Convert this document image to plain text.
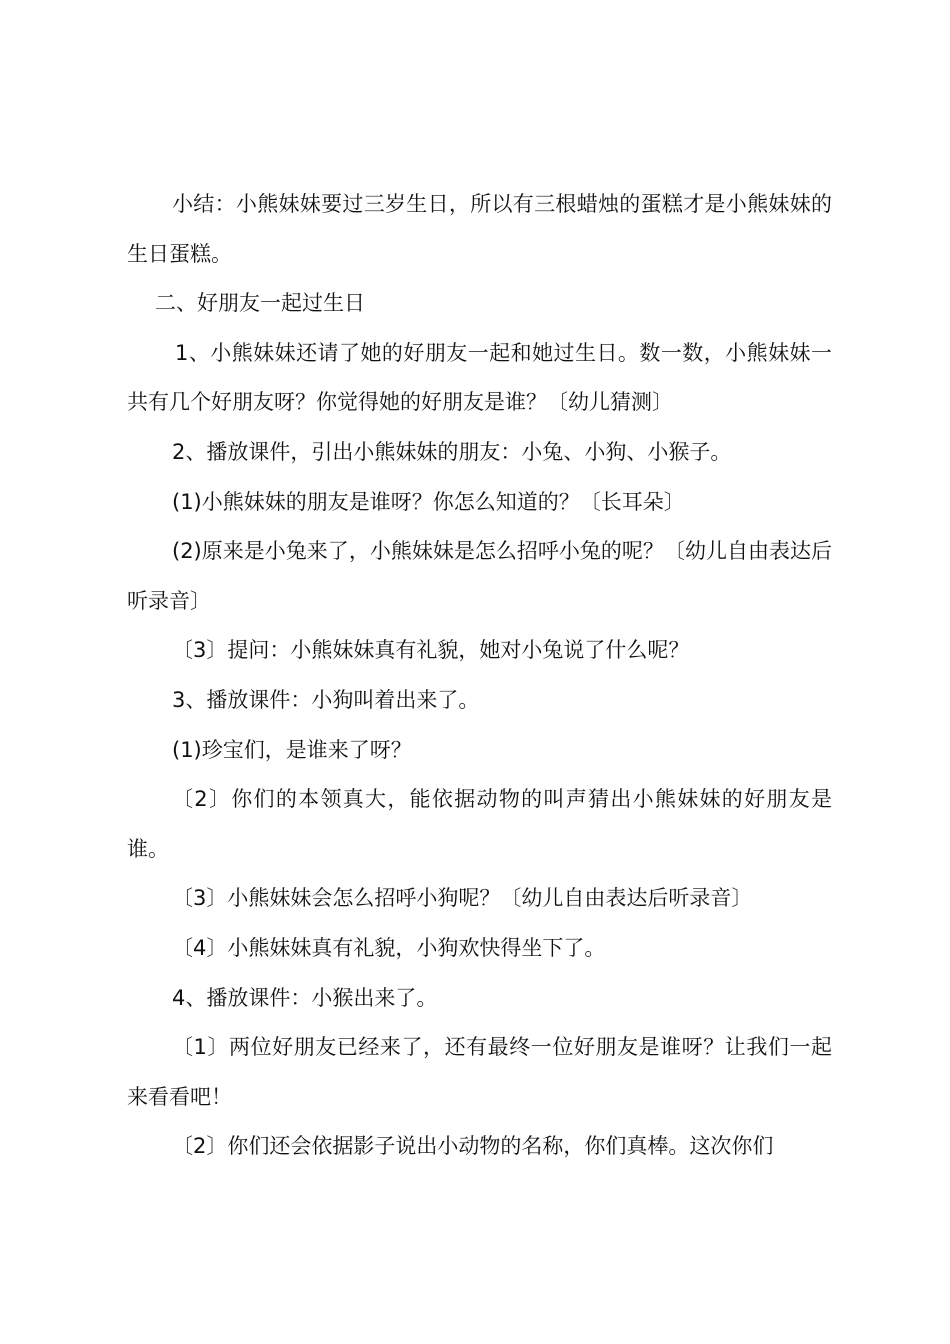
小结：小熊妹妹要过三岁生日，所以有三根蜡烛的蛋糕才是小熊妹妹的生日蛋糕。

二、好朋友一起过生日

1、小熊妹妹还请了她的好朋友一起和她过生日。数一数，小熊妹妹一共有几个好朋友呀？你觉得她的好朋友是谁？〔幼儿猜测〕

2、播放课件，引出小熊妹妹的朋友：小兔、小狗、小猴子。

(1)小熊妹妹的朋友是谁呀？你怎么知道的？〔长耳朵〕

(2)原来是小兔来了，小熊妹妹是怎么招呼小兔的呢？〔幼儿自由表达后听录音〕

〔3〕提问：小熊妹妹真有礼貌，她对小兔说了什么呢？

3、播放课件：小狗叫着出来了。

(1)珍宝们，是谁来了呀？

〔2〕你们的本领真大，能依据动物的叫声猜出小熊妹妹的好朋友是谁。

〔3〕小熊妹妹会怎么招呼小狗呢？〔幼儿自由表达后听录音〕

〔4〕小熊妹妹真有礼貌，小狗欢快得坐下了。

4、播放课件：小猴出来了。

〔1〕两位好朋友已经来了，还有最终一位好朋友是谁呀？让我们一起来看看吧！

〔2〕你们还会依据影子说出小动物的名称，你们真棒。这次你们
